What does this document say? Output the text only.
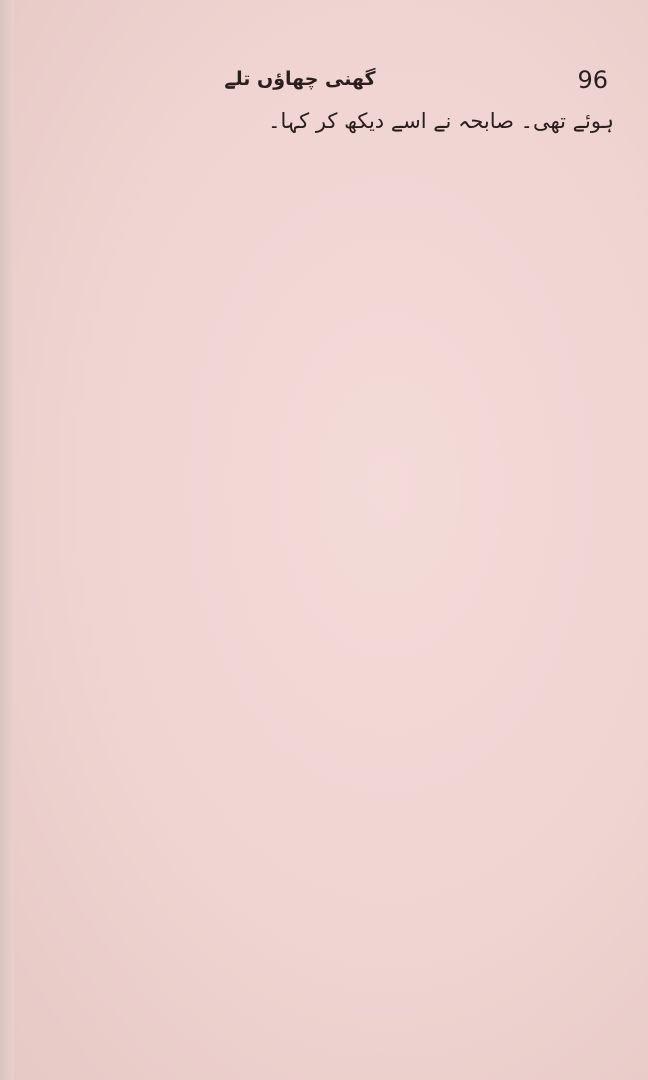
96
گھنی چھاؤں تلے
ہوئے تھی۔ صابحہ نے اسے دیکھ کر کہا۔
